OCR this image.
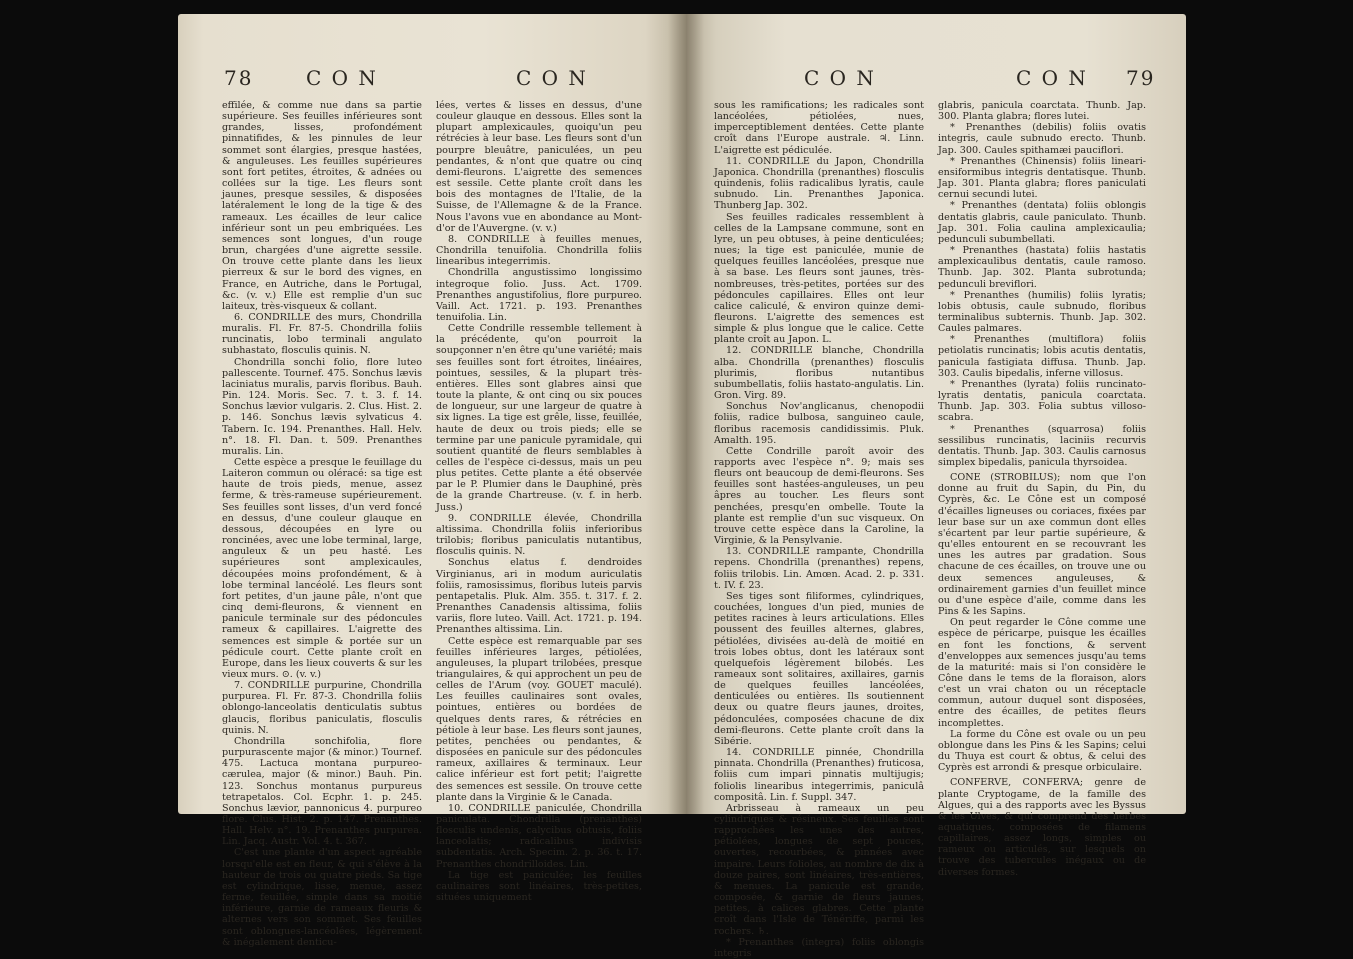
78	C O N	C O N

effilée, & comme nue dans sa partie supérieure. Ses feuilles inférieures sont grandes, lisses, profondément pinnatifides, & les pinnules de leur sommet sont élargies, presque hastées, & anguleuses. Les feuilles supérieures sont fort petites, étroites, & adnées ou collées sur la tige. Les fleurs sont jaunes, presque sessiles, & disposées latéralement le long de la tige & des rameaux. Les écailles de leur calice inférieur sont un peu embriquées. Les semences sont longues, d'un rouge brun, chargées d'une aigrette sessile. On trouve cette plante dans les lieux pierreux & sur le bord des vignes, en France, en Autriche, dans le Portugal, &c. (v. v.) Elle est remplie d'un suc laiteux, très-visqueux & collant.

6. CONDRILLE des murs, Chondrilla muralis. Fl. Fr. 87-5. Chondrilla foliis runcinatis, lobo terminali angulato subhastato, flosculis quinis. N.

Chondrilla sonchi folio, flore luteo pallescente. Tournef. 475. Sonchus lævis laciniatus muralis, parvis floribus. Bauh. Pin. 124. Moris. Sec. 7. t. 3. f. 14. Sonchus lævior vulgaris. 2. Clus. Hist. 2. p. 146. Sonchus lævis sylvaticus 4. Tabern. Ic. 194. Prenanthes. Hall. Helv. n°. 18. Fl. Dan. t. 509. Prenanthes muralis. Lin.

Cette espèce a presque le feuillage du Laiteron commun ou oléracé: sa tige est haute de trois pieds, menue, assez ferme, & très-rameuse supérieurement. Ses feuilles sont lisses, d'un verd foncé en dessus, d'une couleur glauque en dessous, découpées en lyre ou roncinées, avec une lobe terminal, large, anguleux & un peu hasté. Les supérieures sont amplexicaules, découpées moins profondément, & à lobe terminal lancéolé. Les fleurs sont fort petites, d'un jaune pâle, n'ont que cinq demi-fleurons, & viennent en panicule terminale sur des pédoncules rameux & capillaires. L'aigrette des semences est simple & portée sur un pédicule court. Cette plante croît en Europe, dans les lieux couverts & sur les vieux murs. ⊙. (v. v.)

7. CONDRILLE purpurine, Chondrilla purpurea. Fl. Fr. 87-3. Chondrilla foliis oblongo-lanceolatis denticulatis subtus glaucis, floribus paniculatis, flosculis quinis. N.

Chondrilla sonchifolia, flore purpurascente major (& minor.) Tournef. 475. Lactuca montana purpureo-cærulea, major (& minor.) Bauh. Pin. 123. Sonchus montanus purpureus tetrapetalos. Col. Ecphr. 1. p. 245. Sonchus lævior, pannonicus 4. purpureo flore. Clus. Hist. 2. p. 147. Prenanthes. Hall. Helv. n°. 19. Prenanthes purpurea. Lin. Jacq. Austr. Vol. 4. t. 367.

C'est une plante d'un aspect agréable lorsqu'elle est en fleur, & qui s'élève à la hauteur de trois ou quatre pieds. Sa tige est cylindrique, lisse, menue, assez ferme, feuillée, simple dans sa moitié inférieure, garnie de rameaux fleuris & alternes vers son sommet. Ses feuilles sont oblongues-lancéolées, légèrement & inégalement denticu-

lées, vertes & lisses en dessus, d'une couleur glauque en dessous. Elles sont la plupart amplexicaules, quoiqu'un peu rétrécies à leur base. Les fleurs sont d'un pourpre bleuâtre, paniculées, un peu pendantes, & n'ont que quatre ou cinq demi-fleurons. L'aigrette des semences est sessile. Cette plante croît dans les bois des montagnes de l'Italie, de la Suisse, de l'Allemagne & de la France. Nous l'avons vue en abondance au Mont-d'or de l'Auvergne. (v. v.)

8. CONDRILLE à feuilles menues, Chondrilla tenuifolia. Chondrilla foliis linearibus integerrimis.

Chondrilla angustissimo longissimo integroque folio. Juss. Act. 1709. Prenanthes angustifolius, flore purpureo. Vaill. Act. 1721. p. 193. Prenanthes tenuifolia. Lin.

Cette Condrille ressemble tellement à la précédente, qu'on pourroit la soupçonner n'en être qu'une variété; mais ses feuilles sont fort étroites, linéaires, pointues, sessiles, & la plupart très-entières. Elles sont glabres ainsi que toute la plante, & ont cinq ou six pouces de longueur, sur une largeur de quatre à six lignes. La tige est grêle, lisse, feuillée, haute de deux ou trois pieds; elle se termine par une panicule pyramidale, qui soutient quantité de fleurs semblables à celles de l'espèce ci-dessus, mais un peu plus petites. Cette plante a été observée par le P. Plumier dans le Dauphiné, près de la grande Chartreuse. (v. f. in herb. Juss.)

9. CONDRILLE élevée, Chondrilla altissima. Chondrilla foliis inferioribus trilobis; floribus paniculatis nutantibus, flosculis quinis. N.

Sonchus elatus f. dendroides Virginianus, ari in modum auriculatis foliis, ramosissimus, floribus luteis parvis pentapetalis. Pluk. Alm. 355. t. 317. f. 2. Prenanthes Canadensis altissima, foliis variis, flore luteo. Vaill. Act. 1721. p. 194. Prenanthes altissima. Lin.

Cette espèce est remarquable par ses feuilles inférieures larges, pétiolées, anguleuses, la plupart trilobées, presque triangulaires, & qui approchent un peu de celles de l'Arum (voy. GOUET maculé). Les feuilles caulinaires sont ovales, pointues, entières ou bordées de quelques dents rares, & rétrécies en pétiole à leur base. Les fleurs sont jaunes, petites, penchées ou pendantes, & disposées en panicule sur des pédoncules rameux, axillaires & terminaux. Leur calice inférieur est fort petit; l'aigrette des semences est sessile. On trouve cette plante dans la Virginie & le Canada.

10. CONDRILLE paniculée, Chondrilla paniculata. Chondrilla (prenanthes) flosculis undenis, calycibus obtusis, foliis lanceolatis; radicalibus indivisis subdentatis. Arch. Specim. 2. p. 36. t. 17. Prenanthes chondrilloides. Lin.

La tige est paniculée; les feuilles caulinaires sont linéaires, très-petites, situées uniquement

C O N	C O N 79

sous les ramifications; les radicales sont lancéolées, pétiolées, nues, imperceptiblement dentées. Cette plante croît dans l'Europe australe. ♃. Linn. L'aigrette est pédiculée.

11. CONDRILLE du Japon, Chondrilla Japonica. Chondrilla (prenanthes) flosculis quindenis, foliis radicalibus lyratis, caule subnudo. Lin. Prenanthes Japonica. Thunberg Jap. 302.

Ses feuilles radicales ressemblent à celles de la Lampsane commune, sont en lyre, un peu obtuses, à peine denticulées; nues; la tige est paniculée, munie de quelques feuilles lancéolées, presque nue à sa base. Les fleurs sont jaunes, très-nombreuses, très-petites, portées sur des pédoncules capillaires. Elles ont leur calice caliculé, & environ quinze demi-fleurons. L'aigrette des semences est simple & plus longue que le calice. Cette plante croît au Japon. L.

12. CONDRILLE blanche, Chondrilla alba. Chondrilla (prenanthes) flosculis plurimis, floribus nutantibus subumbellatis, foliis hastato-angulatis. Lin. Gron. Virg. 89.

Sonchus Nov'anglicanus, chenopodii foliis, radice bulbosa, sanguineo caule, floribus racemosis candidissimis. Pluk. Amalth. 195.

Cette Condrille paroît avoir des rapports avec l'espèce n°. 9; mais ses fleurs ont beaucoup de demi-fleurons. Ses feuilles sont hastées-anguleuses, un peu âpres au toucher. Les fleurs sont penchées, presqu'en ombelle. Toute la plante est remplie d'un suc visqueux. On trouve cette espèce dans la Caroline, la Virginie, & la Pensylvanie.

13. CONDRILLE rampante, Chondrilla repens. Chondrilla (prenanthes) repens, foliis trilobis. Lin. Amœn. Acad. 2. p. 331. t. IV. f. 23.

Ses tiges sont filiformes, cylindriques, couchées, longues d'un pied, munies de petites racines à leurs articulations. Elles poussent des feuilles alternes, glabres, pétiolées, divisées au-delà de moitié en trois lobes obtus, dont les latéraux sont quelquefois légèrement bilobés. Les rameaux sont solitaires, axillaires, garnis de quelques feuilles lancéolées, denticulées ou entières. Ils soutiennent deux ou quatre fleurs jaunes, droites, pédonculées, composées chacune de dix demi-fleurons. Cette plante croît dans la Sibérie.

14. CONDRILLE pinnée, Chondrilla pinnata. Chondrilla (Prenanthes) fruticosa, foliis cum impari pinnatis multijugis; foliolis linearibus integerrimis, paniculâ compositâ. Lin. f. Suppl. 347.

Arbrisseau à rameaux un peu cylindriques & résineux. Ses feuilles sont rapprochées les unes des autres, pétiolées, longues de sept pouces, ouvertes, recourbées, & pinnées avec impaire. Leurs folioles, au nombre de dix à douze paires, sont linéaires, très-entières, & menues. La panicule est grande, composée, & garnie de fleurs jaunes, petites, à calices glabres. Cette plante croît dans l'Isle de Ténériffe, parmi les rochers. ♄.

* Prenanthes (integra) foliis oblongis integris

glabris, panicula coarctata. Thunb. Jap. 300. Planta glabra; flores lutei.

* Prenanthes (debilis) foliis ovatis integris, caule subnudo erecto. Thunb. Jap. 300. Caules spithamæi pauciflori.

* Prenanthes (Chinensis) foliis lineari-ensiformibus integris dentatisque. Thunb. Jap. 301. Planta glabra; flores paniculati cernui secundi lutei.

* Prenanthes (dentata) foliis oblongis dentatis glabris, caule paniculato. Thunb. Jap. 301. Folia caulina amplexicaulia; pedunculi subumbellati.

* Prenanthes (hastata) foliis hastatis amplexicaulibus dentatis, caule ramoso. Thunb. Jap. 302. Planta subrotunda; pedunculi breviflori.

* Prenanthes (humilis) foliis lyratis; lobis obtusis, caule subnudo, floribus terminalibus subternis. Thunb. Jap. 302. Caules palmares.

* Prenanthes (multiflora) foliis petiolatis runcinatis; lobis acutis dentatis, panicula fastigiata diffusa. Thunb. Jap. 303. Caulis bipedalis, inferne villosus.

* Prenanthes (lyrata) foliis runcinato-lyratis dentatis, panicula coarctata. Thunb. Jap. 303. Folia subtus villoso-scabra.

* Prenanthes (squarrosa) foliis sessilibus runcinatis, laciniis recurvis dentatis. Thunb. Jap. 303. Caulis carnosus simplex bipedalis, panicula thyrsoidea.

CONE (STROBILUS); nom que l'on donne au fruit du Sapin, du Pin, du Cyprès, &c. Le Cône est un composé d'écailles ligneuses ou coriaces, fixées par leur base sur un axe commun dont elles s'écartent par leur partie supérieure, & qu'elles entourent en se recouvrant les unes les autres par gradation. Sous chacune de ces écailles, on trouve une ou deux semences anguleuses, & ordinairement garnies d'un feuillet mince ou d'une espèce d'aile, comme dans les Pins & les Sapins.

On peut regarder le Cône comme une espèce de péricarpe, puisque les écailles en font les fonctions, & servent d'enveloppes aux semences jusqu'au tems de la maturité: mais si l'on considère le Cône dans le tems de la floraison, alors c'est un vrai chaton ou un réceptacle commun, autour duquel sont disposées, entre des écailles, de petites fleurs incomplettes.

La forme du Cône est ovale ou un peu oblongue dans les Pins & les Sapins; celui du Thuya est court & obtus, & celui des Cyprès est arrondi & presque orbiculaire.

CONFERVE, CONFERVA; genre de plante Cryptogame, de la famille des Algues, qui a des rapports avec les Byssus & les Ulves, & qui comprend des herbes aquatiques, composées de filamens capillaires, assez longs, simples ou rameux ou articulés, sur lesquels on trouve des tubercules inégaux ou de diverses formes.
